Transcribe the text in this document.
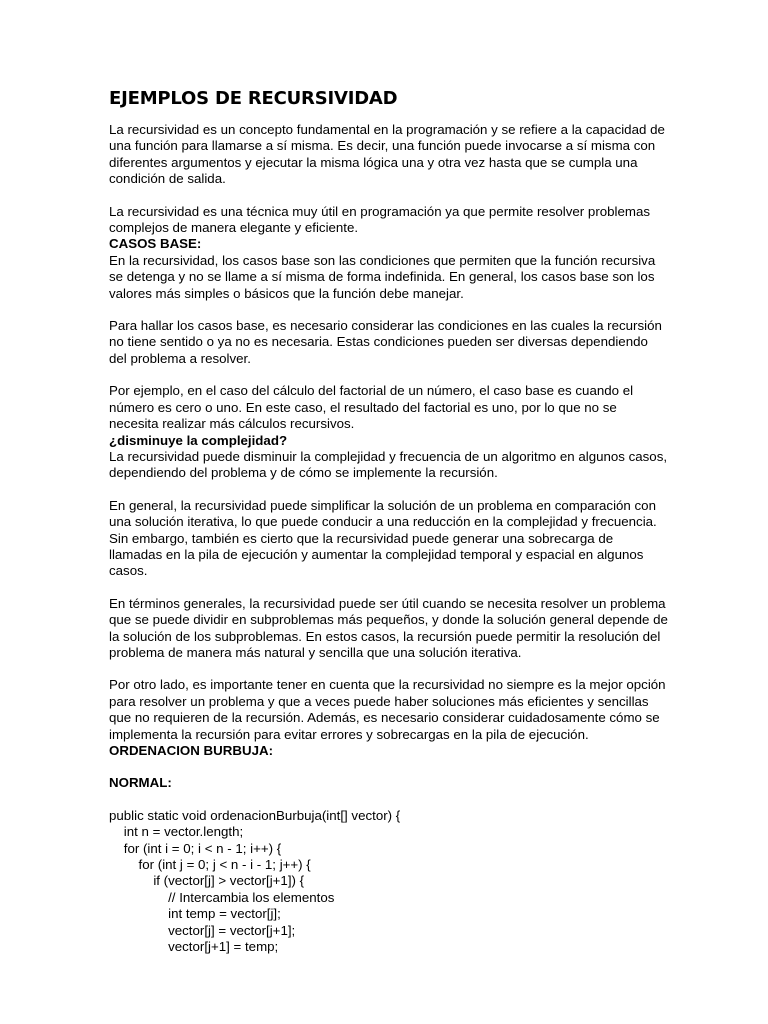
EJEMPLOS DE RECURSIVIDAD

La recursividad es un concepto fundamental en la programación y se refiere a la capacidad de una función para llamarse a sí misma. Es decir, una función puede invocarse a sí misma con diferentes argumentos y ejecutar la misma lógica una y otra vez hasta que se cumpla una condición de salida.

La recursividad es una técnica muy útil en programación ya que permite resolver problemas complejos de manera elegante y eficiente.

CASOS BASE:

En la recursividad, los casos base son las condiciones que permiten que la función recursiva se detenga y no se llame a sí misma de forma indefinida. En general, los casos base son los valores más simples o básicos que la función debe manejar.

Para hallar los casos base, es necesario considerar las condiciones en las cuales la recursión no tiene sentido o ya no es necesaria. Estas condiciones pueden ser diversas dependiendo del problema a resolver.

Por ejemplo, en el caso del cálculo del factorial de un número, el caso base es cuando el número es cero o uno. En este caso, el resultado del factorial es uno, por lo que no se necesita realizar más cálculos recursivos.

¿disminuye la complejidad?

La recursividad puede disminuir la complejidad y frecuencia de un algoritmo en algunos casos, dependiendo del problema y de cómo se implemente la recursión.

En general, la recursividad puede simplificar la solución de un problema en comparación con una solución iterativa, lo que puede conducir a una reducción en la complejidad y frecuencia. Sin embargo, también es cierto que la recursividad puede generar una sobrecarga de llamadas en la pila de ejecución y aumentar la complejidad temporal y espacial en algunos casos.

En términos generales, la recursividad puede ser útil cuando se necesita resolver un problema que se puede dividir en subproblemas más pequeños, y donde la solución general depende de la solución de los subproblemas. En estos casos, la recursión puede permitir la resolución del problema de manera más natural y sencilla que una solución iterativa.

Por otro lado, es importante tener en cuenta que la recursividad no siempre es la mejor opción para resolver un problema y que a veces puede haber soluciones más eficientes y sencillas que no requieren de la recursión. Además, es necesario considerar cuidadosamente cómo se implementa la recursión para evitar errores y sobrecargas en la pila de ejecución.

ORDENACION BURBUJA:

NORMAL:

public static void ordenacionBurbuja(int[] vector) {

int n = vector.length;

for (int i = 0; i < n - 1; i++) {

for (int j = 0; j < n - i - 1; j++) {

if (vector[j] > vector[j+1]) {

// Intercambia los elementos

int temp = vector[j];

vector[j] = vector[j+1];

vector[j+1] = temp;
